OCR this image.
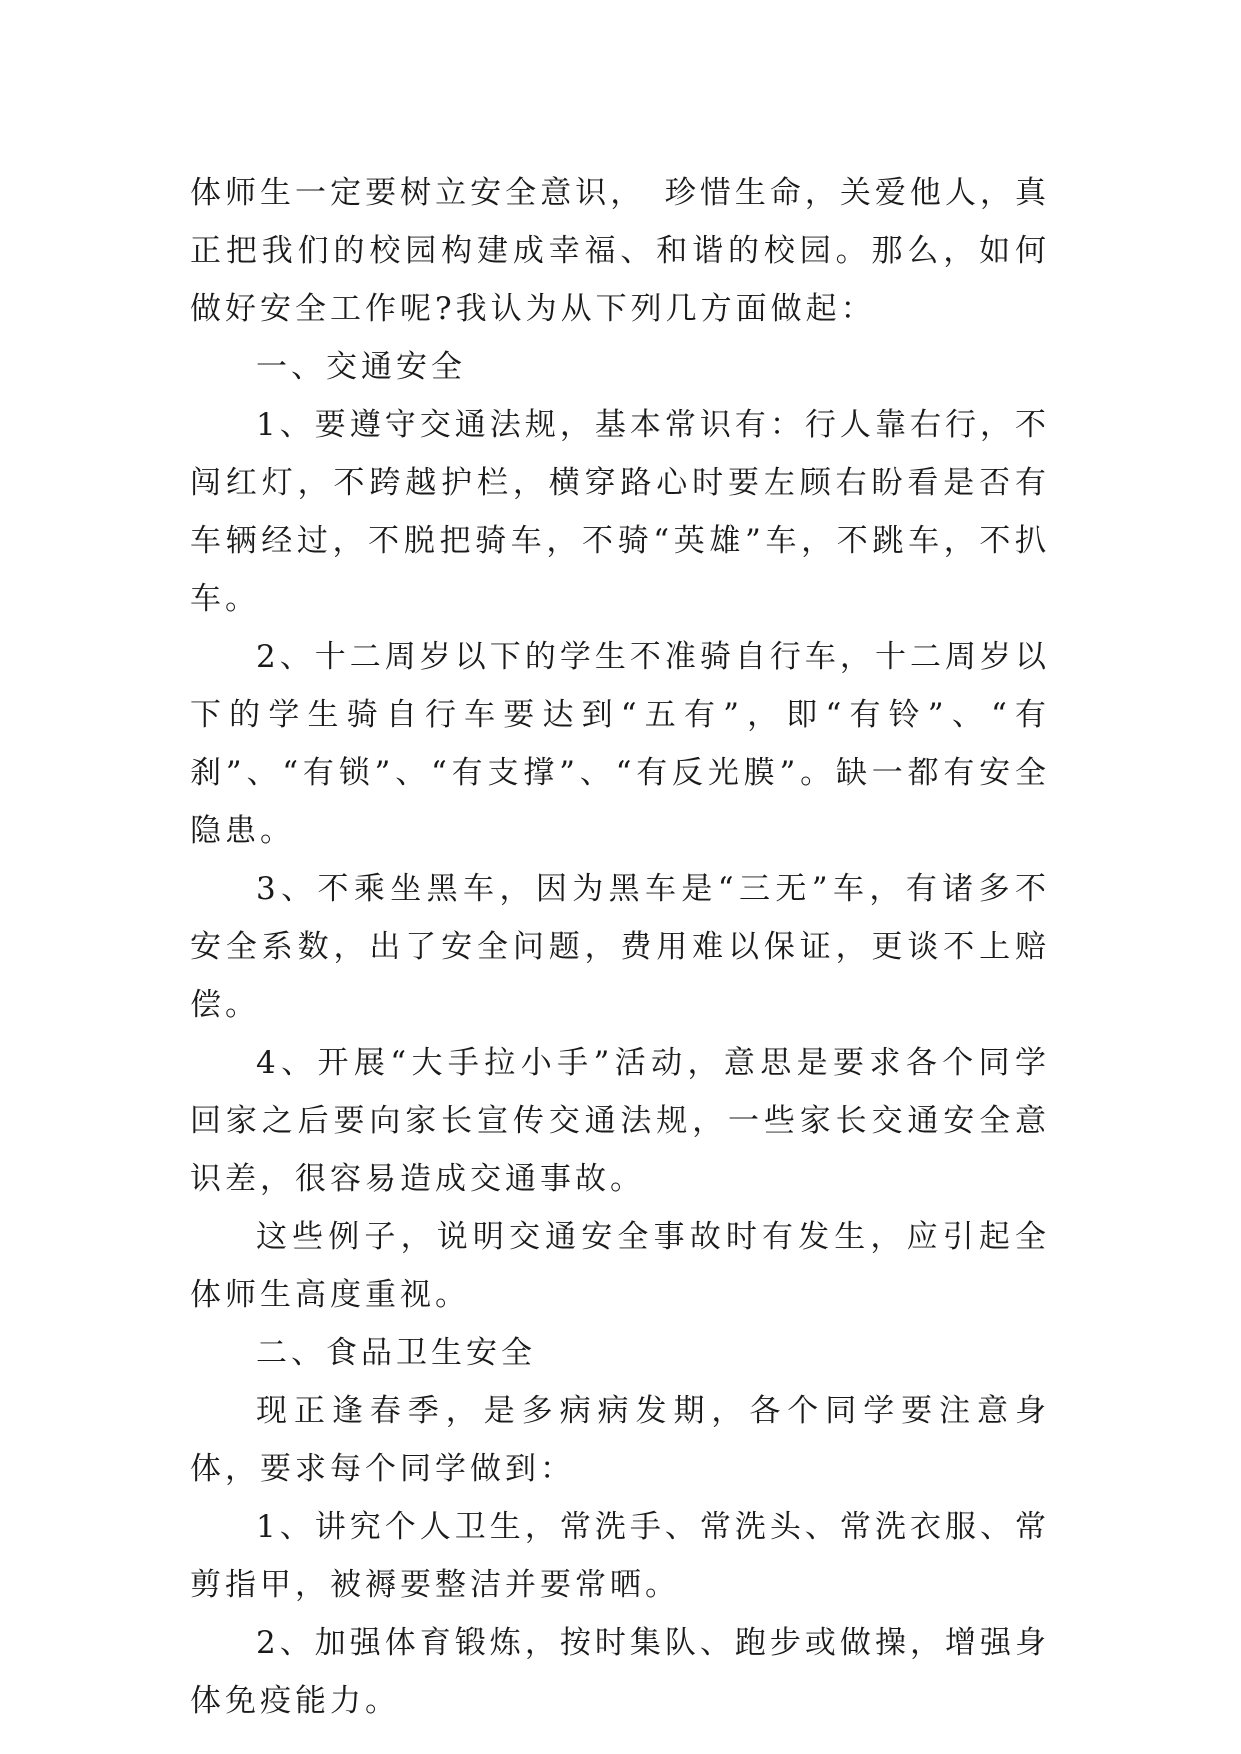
体师生一定要树立安全意识，　珍惜生命，关爱他人，真正把我们的校园构建成幸福、和谐的校园。那么，如何做好安全工作呢?我认为从下列几方面做起：

一、交通安全

1、要遵守交通法规，基本常识有：行人靠右行，不闯红灯，不跨越护栏，横穿路心时要左顾右盼看是否有车辆经过，不脱把骑车，不骑“英雄”车，不跳车，不扒车。

2、十二周岁以下的学生不准骑自行车，十二周岁以下的学生骑自行车要达到“五有”，即“有铃”、“有刹”、“有锁”、“有支撑”、“有反光膜”。缺一都有安全隐患。

3、不乘坐黑车，因为黑车是“三无”车，有诸多不安全系数，出了安全问题，费用难以保证，更谈不上赔偿。

4、开展“大手拉小手”活动，意思是要求各个同学回家之后要向家长宣传交通法规，一些家长交通安全意识差，很容易造成交通事故。

这些例子，说明交通安全事故时有发生，应引起全体师生高度重视。

二、食品卫生安全

现正逢春季，是多病病发期，各个同学要注意身体，要求每个同学做到：

1、讲究个人卫生，常洗手、常洗头、常洗衣服、常剪指甲，被褥要整洁并要常晒。

2、加强体育锻炼，按时集队、跑步或做操，增强身体免疫能力。
